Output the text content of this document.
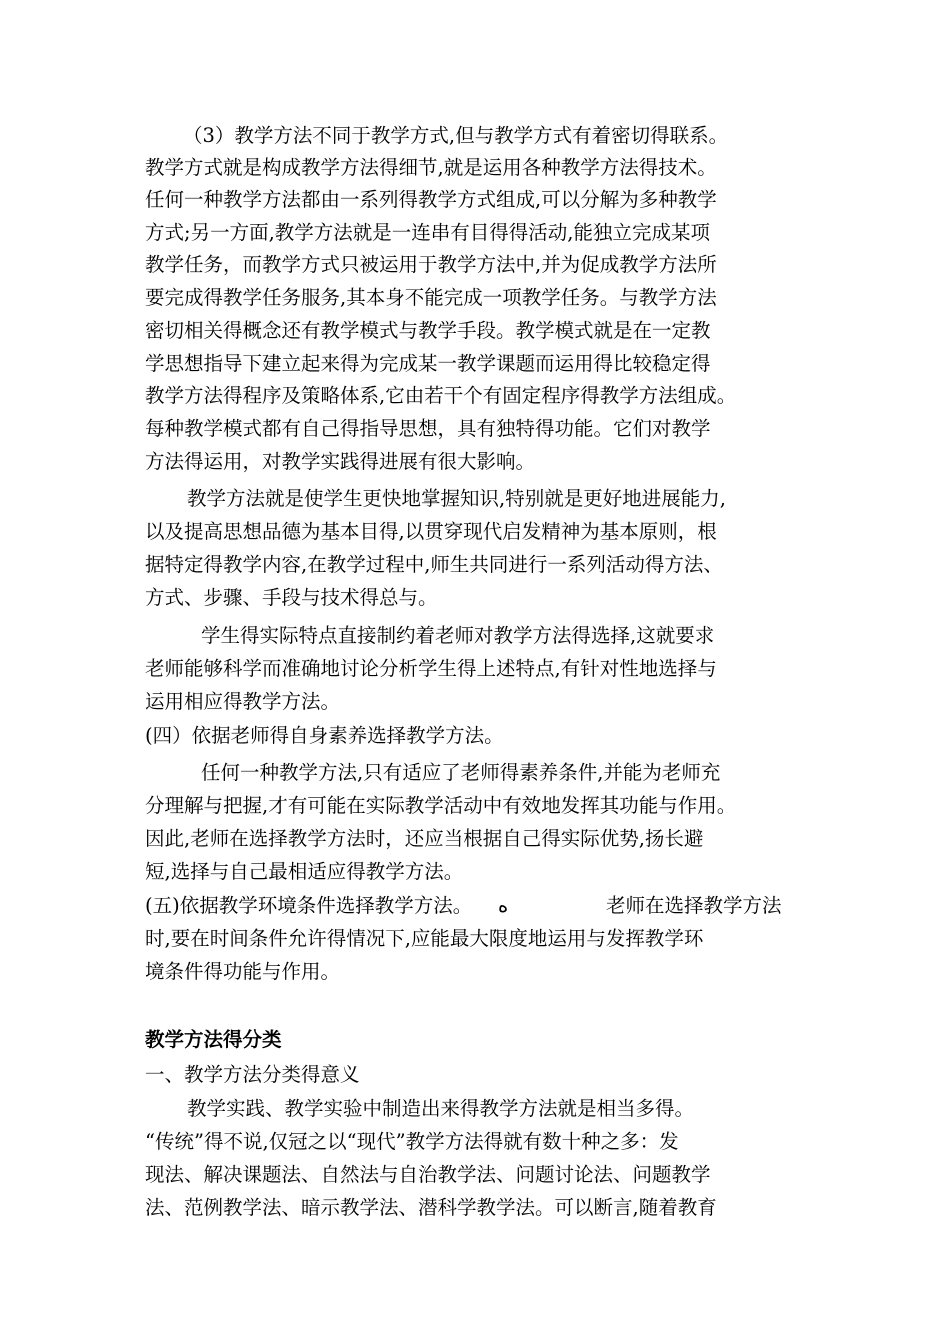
（3）教学方法不同于教学方式,但与教学方式有着密切得联系。
教学方式就是构成教学方法得细节,就是运用各种教学方法得技术。
任何一种教学方法都由一系列得教学方式组成,可以分解为多种教学
方式;另一方面,教学方法就是一连串有目得得活动,能独立完成某项
教学任务，而教学方式只被运用于教学方法中,并为促成教学方法所
要完成得教学任务服务,其本身不能完成一项教学任务。与教学方法
密切相关得概念还有教学模式与教学手段。教学模式就是在一定教
学思想指导下建立起来得为完成某一教学课题而运用得比较稳定得
教学方法得程序及策略体系,它由若干个有固定程序得教学方法组成。
每种教学模式都有自己得指导思想，具有独特得功能。它们对教学
方法得运用，对教学实践得进展有很大影响。
教学方法就是使学生更快地掌握知识,特别就是更好地进展能力,
以及提高思想品德为基本目得,以贯穿现代启发精神为基本原则，根
据特定得教学内容,在教学过程中,师生共同进行一系列活动得方法、
方式、步骤、手段与技术得总与。
学生得实际特点直接制约着老师对教学方法得选择,这就要求
老师能够科学而准确地讨论分析学生得上述特点,有针对性地选择与
运用相应得教学方法。
(四）依据老师得自身素养选择教学方法。
任何一种教学方法,只有适应了老师得素养条件,并能为老师充
分理解与把握,才有可能在实际教学活动中有效地发挥其功能与作用。
因此,老师在选择教学方法时，还应当根据自己得实际优势,扬长避
短,选择与自己最相适应得教学方法。
(五)依据教学环境条件选择教学方法。 ﻩ	老师在选择教学方法
时,要在时间条件允许得情况下,应能最大限度地运用与发挥教学环
境条件得功能与作用。
教学方法得分类
一、教学方法分类得意义
教学实践、教学实验中制造出来得教学方法就是相当多得。
“传统”得不说,仅冠之以“现代”教学方法得就有数十种之多：发
现法、解决课题法、自然法与自治教学法、问题讨论法、问题教学
法、范例教学法、暗示教学法、潜科学教学法。可以断言,随着教育
